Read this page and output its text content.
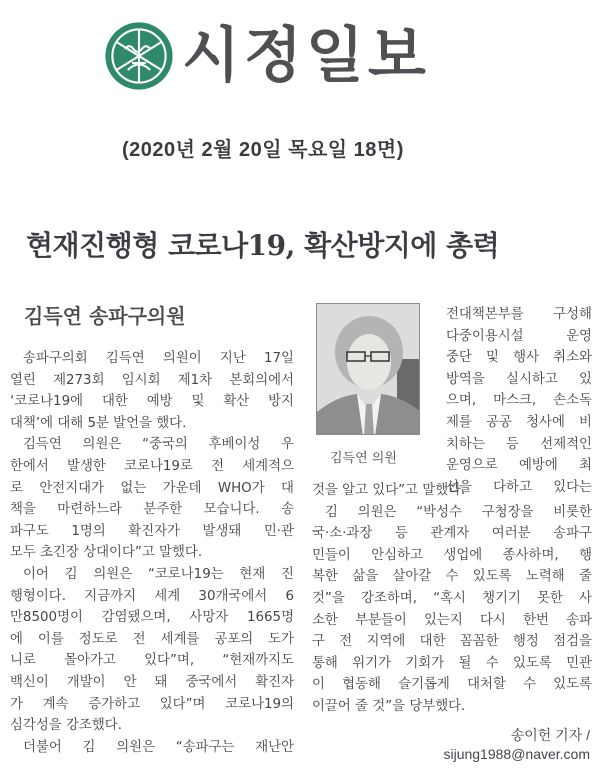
시정일보
(2020년 2월 20일 목요일 18면)
현재진행형 코로나19, 확산방지에 총력
김득연 송파구의원
송파구의회 김득연 의원이 지난 17일
열린 제273회 임시회 제1차 본회의에서
‘코로나19에 대한 예방 및 확산 방지
대책’에 대해 5분 발언을 했다.
김득연 의원은 “중국의 후베이성 우
한에서 발생한 코로나19로 전 세계적으
로 안전지대가 없는 가운데 WHO가 대
책을 마련하느라 분주한 모습니다. 송
파구도 1명의 확진자가 발생돼 민·관
모두 초긴장 상대이다”고 말했다.
이어 김 의원은 “코로나19는 현재 진
행형이다. 지금까지 세계 30개국에서 6
만8500명이 감염됐으며, 사망자 1665명
에 이를 정도로 전 세계를 공포의 도가
니로 몰아가고 있다”며, “현재까지도
백신이 개발이 안 돼 중국에서 확진자
가 계속 증가하고 있다”며 코로나19의
심각성을 강조했다.
더불어 김 의원은 “송파구는 재난안
김득연 의원
전대책본부를 구성해
다중이용시설 운영
중단 및 행사 취소와
방역을 실시하고 있
으며, 마스크, 손소독
제를 공공 청사에 비
치하는 등 선제적인
운영으로 예방에 최
선을 다하고 있다는
것을 알고 있다”고 말했다.
김 의원은 “박성수 구청장을 비롯한
국·소·과장 등 관계자 여러분 송파구
민들이 안심하고 생업에 종사하며, 행
복한 삶을 살아갈 수 있도록 노력해 줄
것”을 강조하며, “혹시 챙기기 못한 사
소한 부분들이 있는지 다시 한번 송파
구 전 지역에 대한 꼼꼼한 행정 점검을
통해 위기가 기회가 될 수 있도록 민관
이 협동해 슬기롭게 대처할 수 있도록
이끌어 줄 것”을 당부했다.
송이헌 기자 /
sijung1988@naver.com
